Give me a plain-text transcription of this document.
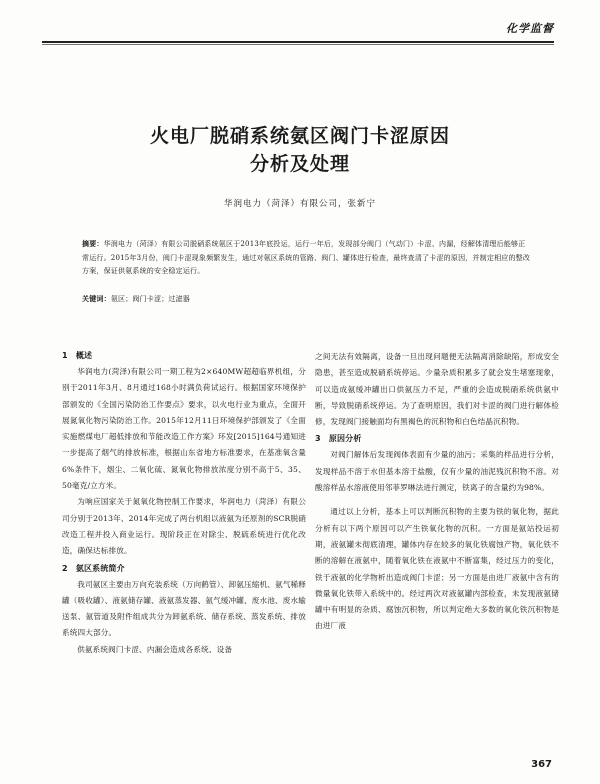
化学监督
火电厂脱硝系统氨区阀门卡涩原因
分析及处理
华润电力（菏泽）有限公司，张新宁
摘要：华润电力（菏泽）有限公司脱硝系统氨区于2013年底投运，运行一年后，发现部分阀门（气动门）卡涩、内漏，经解体清理后能够正常运行。2015年3月份，阀门卡涩现象频繁发生，通过对氨区系统的管路、阀门、罐体进行检查，最终查清了卡涩的原因，并制定相应的整改方案，保证供氨系统的安全稳定运行。
关键词：氨区；阀门卡涩；过滤器
1　概述

华润电力(菏泽)有限公司一期工程为2×640MW超超临界机组，分别于2011年3月、8月通过168小时满负荷试运行。根据国家环境保护部颁发的《全国污染防治工作要点》要求，以火电行业为重点，全面开展氮氧化物污染防治工作。2015年12月11日环境保护部颁发了《全面实施燃煤电厂超低排放和节能改造工作方案》环发[2015]164号通知进一步提高了烟气的排放标准，根据山东省地方标准要求，在基准氧含量6%条件下，烟尘、二氧化硫、氮氧化物排放浓度分别不高于5、35、50毫克/立方米。

为响应国家关于氮氧化物控制工作要求，华润电力（菏泽）有限公司分别于2013年、2014年完成了两台机组以液氨为还原剂的SCR脱硝改造工程并投入商业运行。现阶段正在对除尘、脱硫系统进行优化改造，确保达标排放。

2　氨区系统简介

我司氨区主要由万向充装系统（万向鹤管）、卸氨压缩机、氨气稀释罐（吸收罐）、液氨储存罐、液氨蒸发器、氨气缓冲罐、废水池、废水输送泵、氨管道及附件组成共分为卸氨系统、储存系统、蒸发系统、排放系统四大部分。

供氨系统阀门卡涩、内漏会造成各系统、设备

之间无法有效隔离，设备一旦出现问题便无法隔离消除缺陷，形成安全隐患，甚至造成脱硝系统停运。少量杂质积累多了就会发生堵塞现象，可以造成氨缓冲罐出口供氨压力不足，严重的会造成脱硝系统供氨中断，导致脱硝系统停运。为了查明原因，我们对卡涩的阀门进行解体检修，发现阀门接触面均有黑褐色的沉积物和白色结晶沉积物。

3　原因分析

对阀门解体后发现阀体表面有少量的油污；采集的样品进行分析，发现样品不溶于水但基本溶于盐酸，仅有少量的油泥残沉积物不溶。对酸溶样品水溶液使用邻菲罗啉法进行测定，铁离子的含量约为98%。

通过以上分析，基本上可以判断沉积物的主要为铁的氧化物，据此分析有以下两个原因可以产生铁氧化物的沉积。一方面是氨站投运初期，液氨罐未彻底清理，罐体内存在较多的氧化铁腐蚀产物，氧化铁不断的溶解在液氨中，随着氧化铁在液氨中不断富集，经过压力的变化，铁于液氨的化学物析出造成阀门卡涩；另一方面是由进厂液氨中含有的微量氧化铁带入系统中的。经过两次对液氨罐内部检查，未发现液氨储罐中有明显的杂质、腐蚀沉积物，所以判定绝大多数的氧化铁沉积物是由进厂液

367
